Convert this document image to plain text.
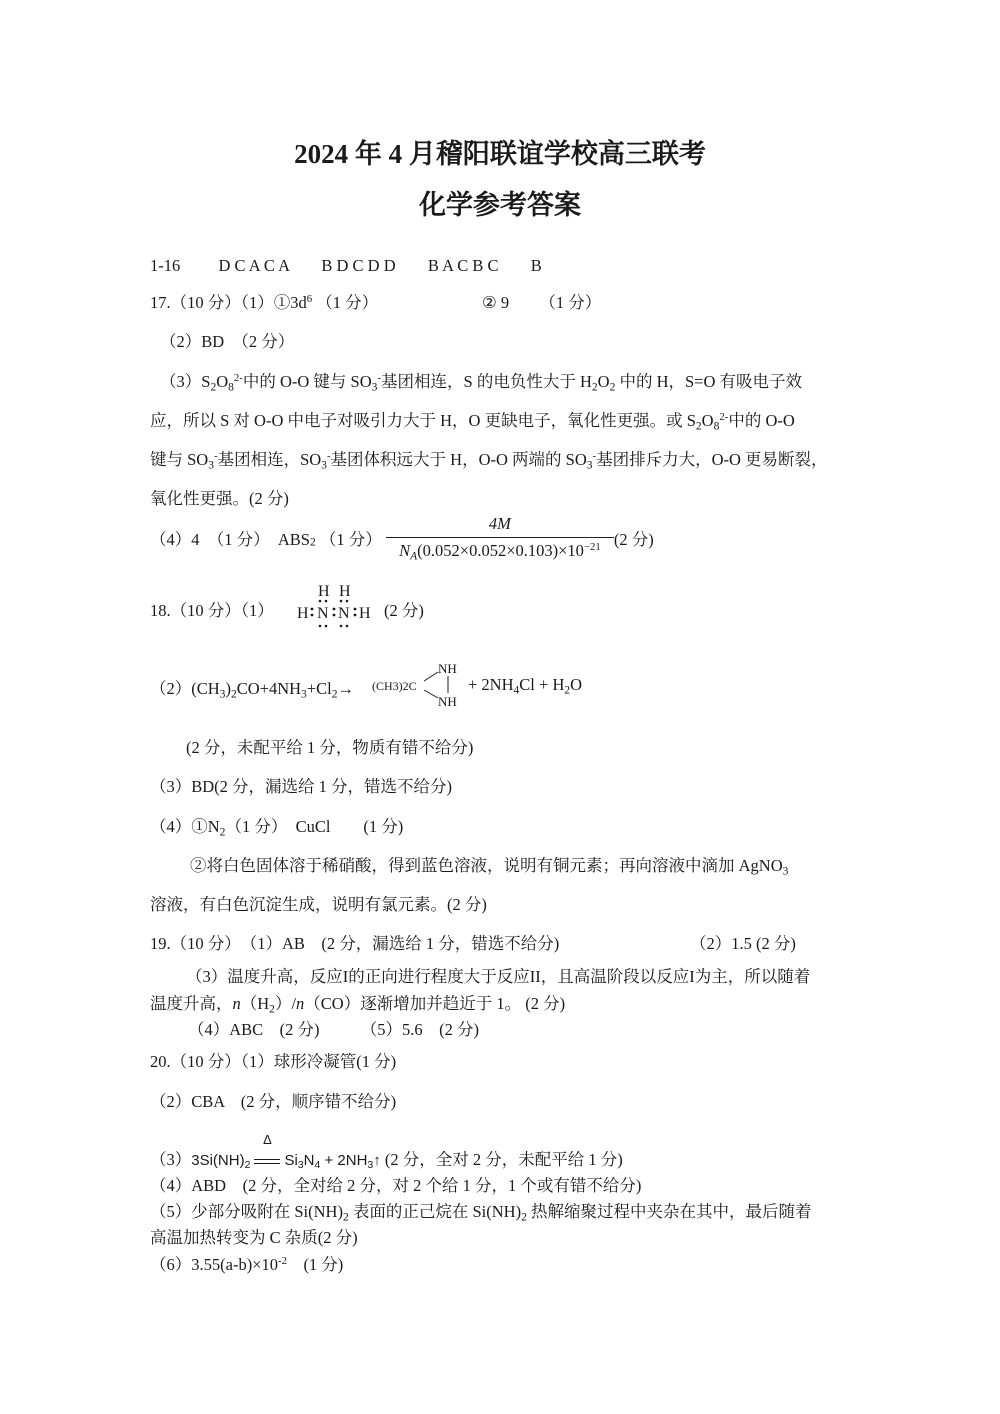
2024 年 4 月稽阳联谊学校高三联考
化学参考答案
1-16 D C A C A B D C D D B A C B C B
17.（10 分）$(1)①3d^6$ （1 分）	② 9 （1 分）
（2）BD　（2 分）
$(3)S_2O_8^{2-}$中的 O-O 键与 $SO_3^-$基团相连，S 的电负性大于 $H_2O_2$ 中的 H，S=O 有吸电子效
应，所以 S 对 O-O 中电子对吸引力大于 H，O 更缺电子，氧化性更强。或 $S_2O_8^{2-}$中的 O-O
键与 $SO_3^-$基团相连，$SO_3^-$基团体积远大于 H，O-O 两端的 $SO_3^-$基团排斥力大，O-O 更易断裂，
氧化性更强。(2 分)
（4）4　（1 分）　$ABS_2$ （1 分） $\frac{4M}{N_A(0.052\times 0.052\times 0.103)\times 10^{-21}} (2$ 分)
18.（10 分）（1）
H H
H N N H (2 分)
$(2)(CH_3)_2CO+4NH_3+Cl_2\to (CH3)2C$
NH
NH
+ $2NH_4Cl + H_2O$
(2 分，未配平给 1 分，物质有错不给分)
（3）BD(2 分，漏选给 1 分，错选不给分)
$(4)①N_2(1$ 分）　CuCl　　(1 分)
②将白色固体溶于稀硝酸，得到蓝色溶液，说明有铜元素；再向溶液中滴加 AgNO$_3$
溶液，有白色沉淀生成，说明有氯元素。(2 分)
19.（10 分）　（1）AB　(2 分，漏选给 1 分，错选不给分)	（2）1.5 (2 分)
（3）温度升高，反应I的正向进行程度大于反应II，且高温阶段以反应I为主，所以随着
温度升高，$n(H_2)/n(CO)$逐渐增加并趋近于 1。 (2 分)
（4）ABC　(2 分)　　　（5）5.6　(2 分)
20.（10 分）（1）球形冷凝管(1 分)
（2）CBA　(2 分，顺序错不给分)
$(3)3Si(NH)_2$
Δ
$Si_3N_4$ + $2NH_3↑$ (2 分，全对 2 分，未配平给 1 分)
（4）ABD　(2 分，全对给 2 分，对 2 个给 1 分，1 个或有错不给分)
（5）少部分吸附在 $Si(NH)_2$ 表面的正己烷在 $Si(NH)_2$ 热解缩聚过程中夹杂在其中，最后随着
高温加热转变为 C 杂质(2 分)
$(6)3.55(a-b)\times 10^{-2}$　(1 分)
